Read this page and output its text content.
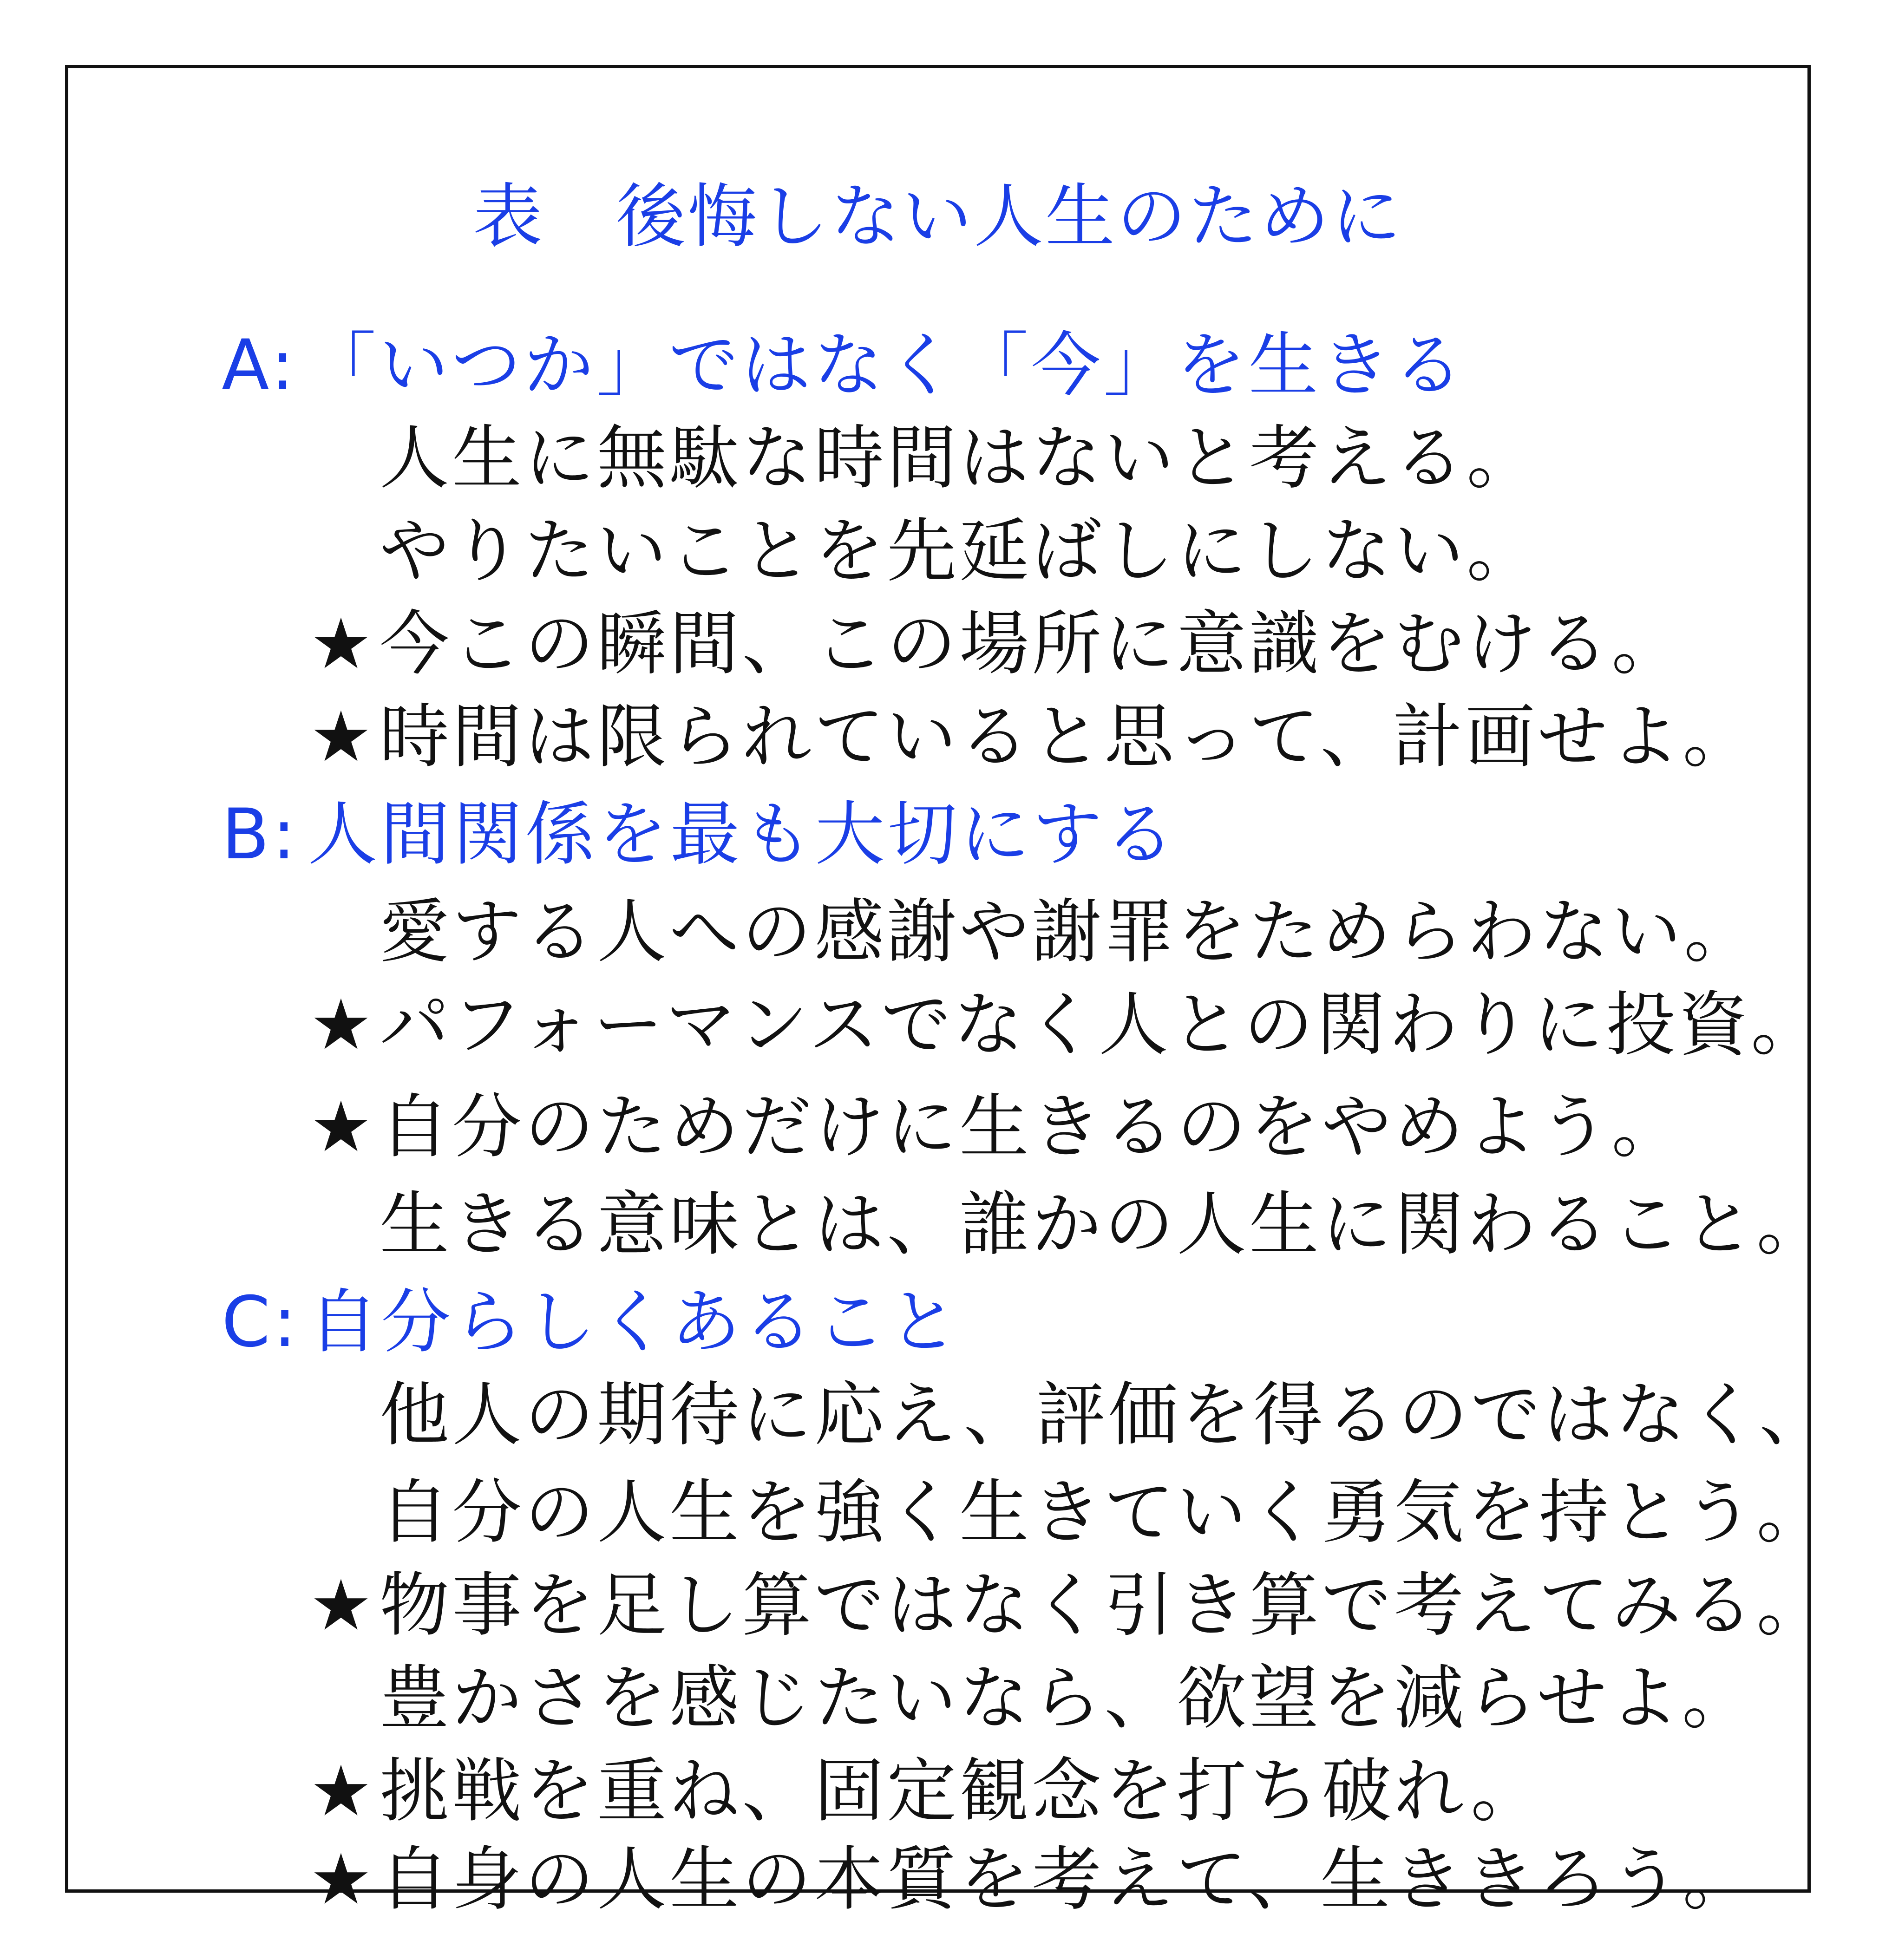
表　後悔しない人生のために
A: 「いつか」ではなく「今」を生きる
人生に無駄な時間はないと考える。
やりたいことを先延ばしにしない。
★今この瞬間、この場所に意識をむける。
★時間は限られていると思って、計画せよ。
B: 人間関係を最も大切にする
愛する人への感謝や謝罪をためらわない。
★パフォーマンスでなく人との関わりに投資。
★自分のためだけに生きるのをやめよう。
生きる意味とは、誰かの人生に関わること。
C: 自分らしくあること
他人の期待に応え、評価を得るのではなく、
自分の人生を強く生きていく勇気を持とう。
★物事を足し算ではなく引き算で考えてみる。
豊かさを感じたいなら、欲望を減らせよ。
★挑戦を重ね、固定観念を打ち破れ。
★自身の人生の本質を考えて、生ききろう。
